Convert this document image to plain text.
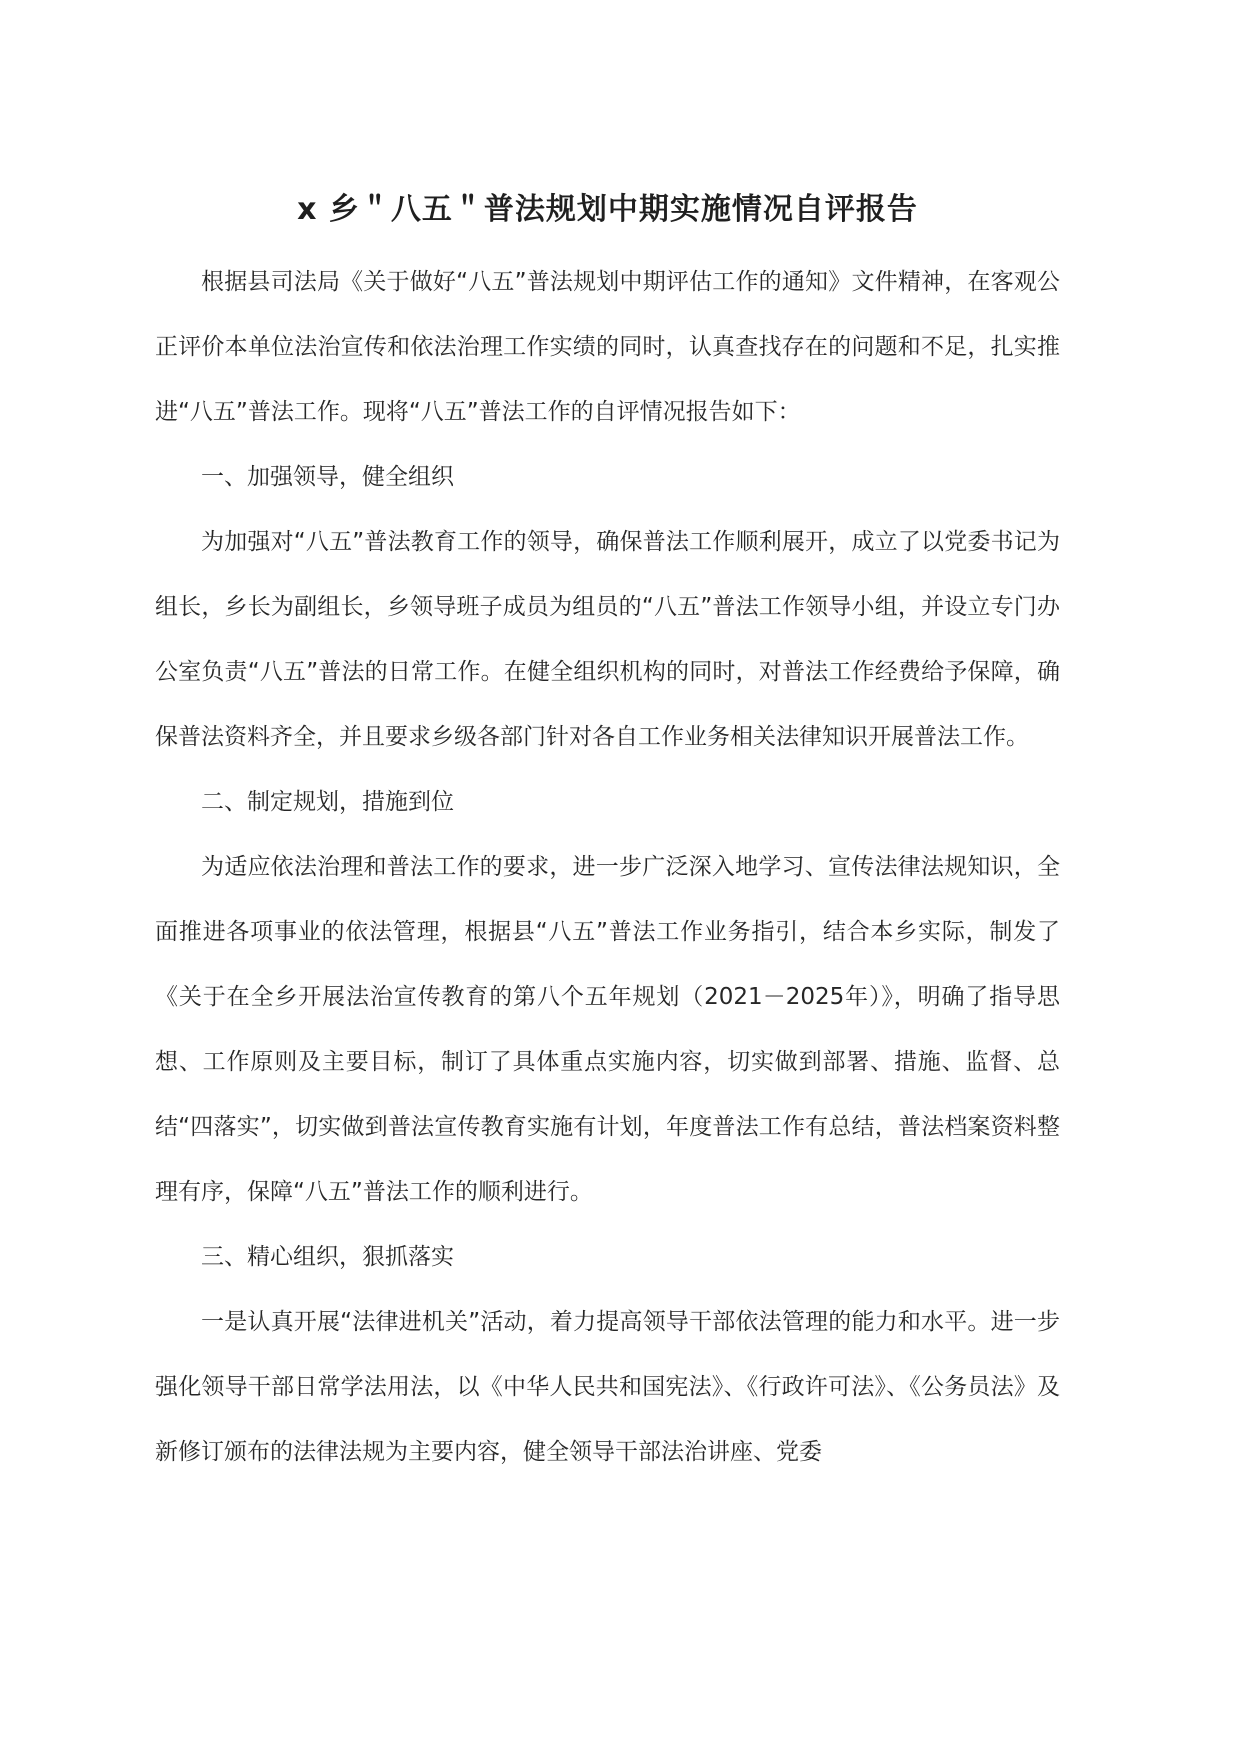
x 乡＂八五＂普法规划中期实施情况自评报告

根据县司法局《关于做好“八五”普法规划中期评估工作的通知》文件精神，在客观公正评价本单位法治宣传和依法治理工作实绩的同时，认真查找存在的问题和不足，扎实推进“八五”普法工作。现将“八五”普法工作的自评情况报告如下：

一、加强领导，健全组织

为加强对“八五”普法教育工作的领导，确保普法工作顺利展开，成立了以党委书记为组长，乡长为副组长，乡领导班子成员为组员的“八五”普法工作领导小组，并设立专门办公室负责“八五”普法的日常工作。在健全组织机构的同时，对普法工作经费给予保障，确保普法资料齐全，并且要求乡级各部门针对各自工作业务相关法律知识开展普法工作。

二、制定规划，措施到位

为适应依法治理和普法工作的要求，进一步广泛深入地学习、宣传法律法规知识，全面推进各项事业的依法管理，根据县“八五”普法工作业务指引，结合本乡实际，制发了《关于在全乡开展法治宣传教育的第八个五年规划（2021－2025年）》，明确了指导思想、工作原则及主要目标，制订了具体重点实施内容，切实做到部署、措施、监督、总结“四落实”，切实做到普法宣传教育实施有计划，年度普法工作有总结，普法档案资料整理有序，保障“八五”普法工作的顺利进行。

三、精心组织，狠抓落实

一是认真开展“法律进机关”活动，着力提高领导干部依法管理的能力和水平。进一步强化领导干部日常学法用法，以《中华人民共和国宪法》、《行政许可法》、《公务员法》及新修订颁布的法律法规为主要内容，健全领导干部法治讲座、党委
